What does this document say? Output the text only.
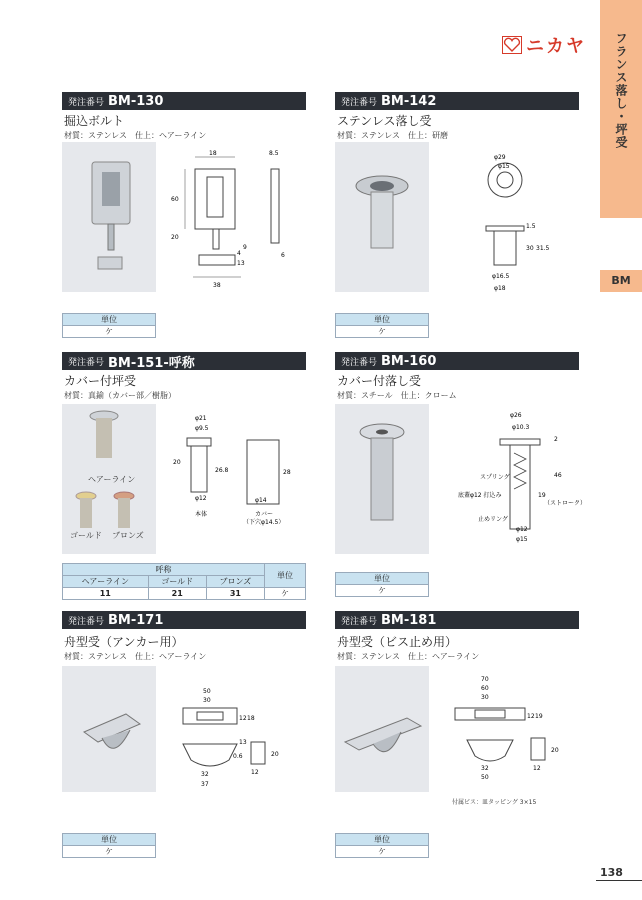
フランス落し・坪受
BM
ニカヤ
発注番号 BM-130
掘込ボルト
材質：ステンレス　仕上：ヘアーライン
18	8.5
60
20
4
13
38
6
9
単位
ケ
発注番号 BM-142
ステンレス落し受
材質：ステンレス　仕上：研磨
φ29
φ15
1.5
30 31.5
φ16.5
φ18
単位
ケ
発注番号 BM-151-呼称
カバー付坪受
材質：真鍮（カバー部／樹脂）
ヘアーライン
ゴールド ブロンズ
φ21
φ9.5
20
26.8	28
φ12	φ14
本体	カバー
（下穴φ14.5）
呼称			単位
ヘアーライン	ゴールド	ブロンズ	
11	21	31	ケ
発注番号 BM-160
カバー付落し受
材質：スチール　仕上：クローム
φ26
φ10.3
2
46
19
φ12
φ15
スプリング
底蓋φ12 打込み
止めリング
（ストローク）
単位
ケ
発注番号 BM-171
舟型受（アンカー用）
材質：ステンレス　仕上：ヘアーライン
50
30
12 18
13
20
32
37
12
0.6
単位
ケ
発注番号 BM-181
舟型受（ビス止め用）
材質：ステンレス　仕上：ヘアーライン
70
60
30
12 19
20
32
50
12
付属ビス：皿タッピング 3×15
単位
ケ
138
